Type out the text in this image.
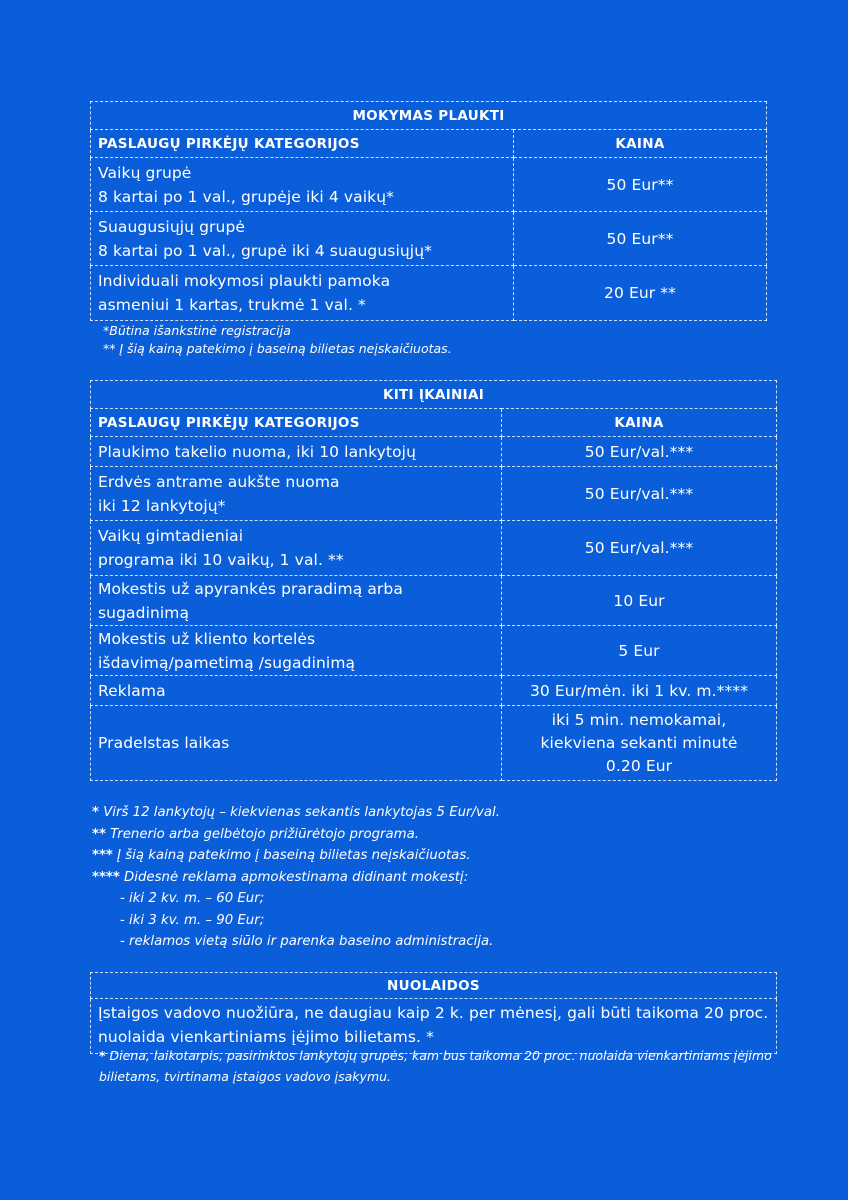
MOKYMAS PLAUKTI	
PASLAUGŲ PIRKĖJŲ KATEGORIJOS	KAINA

Vaikų grupė
8 kartai po 1 val., grupėje iki 4 vaikų*	50 Eur**

Suaugusiųjų grupė
8 kartai po 1 val., grupė iki 4 suaugusiųjų*	50 Eur**

Individuali mokymosi plaukti pamoka
asmeniui 1 kartas, trukmė 1 val. *	20 Eur **
*Būtina išankstinė registracija
** Į šią kainą patekimo į baseiną bilietas neįskaičiuotas.
KITI ĮKAINIAI	
PASLAUGŲ PIRKĖJŲ KATEGORIJOS	KAINA

Plaukimo takelio nuoma, iki 10 lankytojų	50 Eur/val.***

Erdvės antrame aukšte nuoma
iki 12 lankytojų*	50 Eur/val.***

Vaikų gimtadieniai
programa iki 10 vaikų, 1 val. **	50 Eur/val.***

Mokestis už apyrankės praradimą arba
sugadinimą	10 Eur

Mokestis už kliento kortelės
išdavimą/pametimą /sugadinimą	5 Eur

Reklama	30 Eur/mėn. iki 1 kv. m.****

Pradelstas laikas	iki 5 min. nemokamai,
kiekviena sekanti minutė
0.20 Eur
* Virš 12 lankytojų – kiekvienas sekantis lankytojas 5 Eur/val.
** Trenerio arba gelbėtojo prižiūrėtojo programa.
*** Į šią kainą patekimo į baseiną bilietas neįskaičiuotas.
**** Didesnė reklama apmokestinama didinant mokestį:
- iki 2 kv. m. – 60 Eur;
- iki 3 kv. m. – 90 Eur;
- reklamos vietą siūlo ir parenka baseino administracija.
NUOLAIDOS
Įstaigos vadovo nuožiūra, ne daugiau kaip 2 k. per mėnesį, gali būti taikoma 20 proc. nuolaida vienkartiniams įėjimo bilietams. *
* Diena, laikotarpis, pasirinktos lankytojų grupės, kam bus taikoma 20 proc. nuolaida vienkartiniams įėjimo bilietams, tvirtinama įstaigos vadovo įsakymu.
